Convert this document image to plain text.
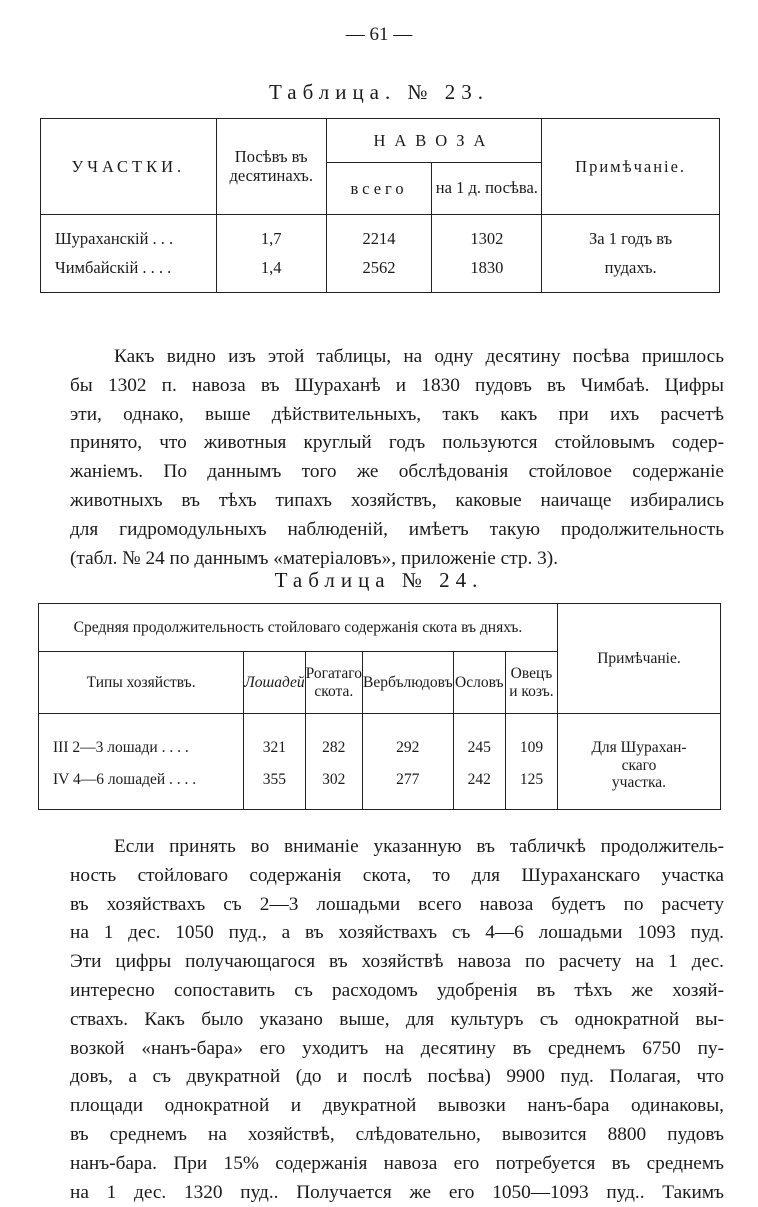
— 61 —
Таблица. № 23.
УЧАСТКИ.	Посѣвъ въ десятинахъ.	НАВОЗА		Примѣчаніе.
		всего	на 1 д. посѣва.	
Шураханскій . . .	1,7	2214	1302	За 1 годъ въ
Чимбайскій . . . .	1,4	2562	1830	пудахъ.

Какъ видно изъ этой таблицы, на одну десятину посѣва пришлось

бы 1302 п. навоза въ Шураханѣ и 1830 пудовъ въ Чимбаѣ. Цифры

эти, однако, выше дѣйствительныхъ, такъ какъ при ихъ расчетѣ

принято, что животныя круглый годъ пользуются стойловымъ содер-

жаніемъ. По даннымъ того же обслѣдованія стойловое содержаніе

животныхъ въ тѣхъ типахъ хозяйствъ, каковые наичаще избирались

для гидромодульныхъ наблюденій, имѣетъ такую продолжительность

(табл. № 24 по даннымъ «матеріаловъ», приложеніе стр. 3).

Таблица № 24.
Средняя продолжительность стойловаго содержанія скота въ дняхъ.						Примѣчаніе.
Типы хозяйствъ.	Лошадей	Рогатаго скота.	Вербълюдовъ	Ословъ	Овецъ и козъ.	
III 2—3 лошади . . . .	321	282	292	245	109	Для Шурахан-
скаго
участка.

IV 4—6 лошадей . . . .	355	302	277	242	125	

Если принять во вниманіе указанную въ табличкѣ продолжитель-

ность стойловаго содержанія скота, то для Шураханскаго участка

въ хозяйствахъ съ 2—3 лошадьми всего навоза будетъ по расчету

на 1 дес. 1050 пуд., а въ хозяйствахъ съ 4—6 лошадьми 1093 пуд.

Эти цифры получающагося въ хозяйствѣ навоза по расчету на 1 дес.

интересно сопоставить съ расходомъ удобренія въ тѣхъ же хозяй-

ствахъ. Какъ было указано выше, для культуръ съ однократной вы-

возкой «нанъ-бара» его уходитъ на десятину въ среднемъ 6750 пу-

довъ, а съ двукратной (до и послѣ посѣва) 9900 пуд. Полагая, что

площади однократной и двукратной вывозки нанъ-бара одинаковы,

въ среднемъ на хозяйствѣ, слѣдовательно, вывозится 8800 пудовъ

нанъ-бара. При 15% содержанія навоза его потребуется въ среднемъ

на 1 дес. 1320 пуд.. Получается же его 1050—1093 пуд.. Такимъ
